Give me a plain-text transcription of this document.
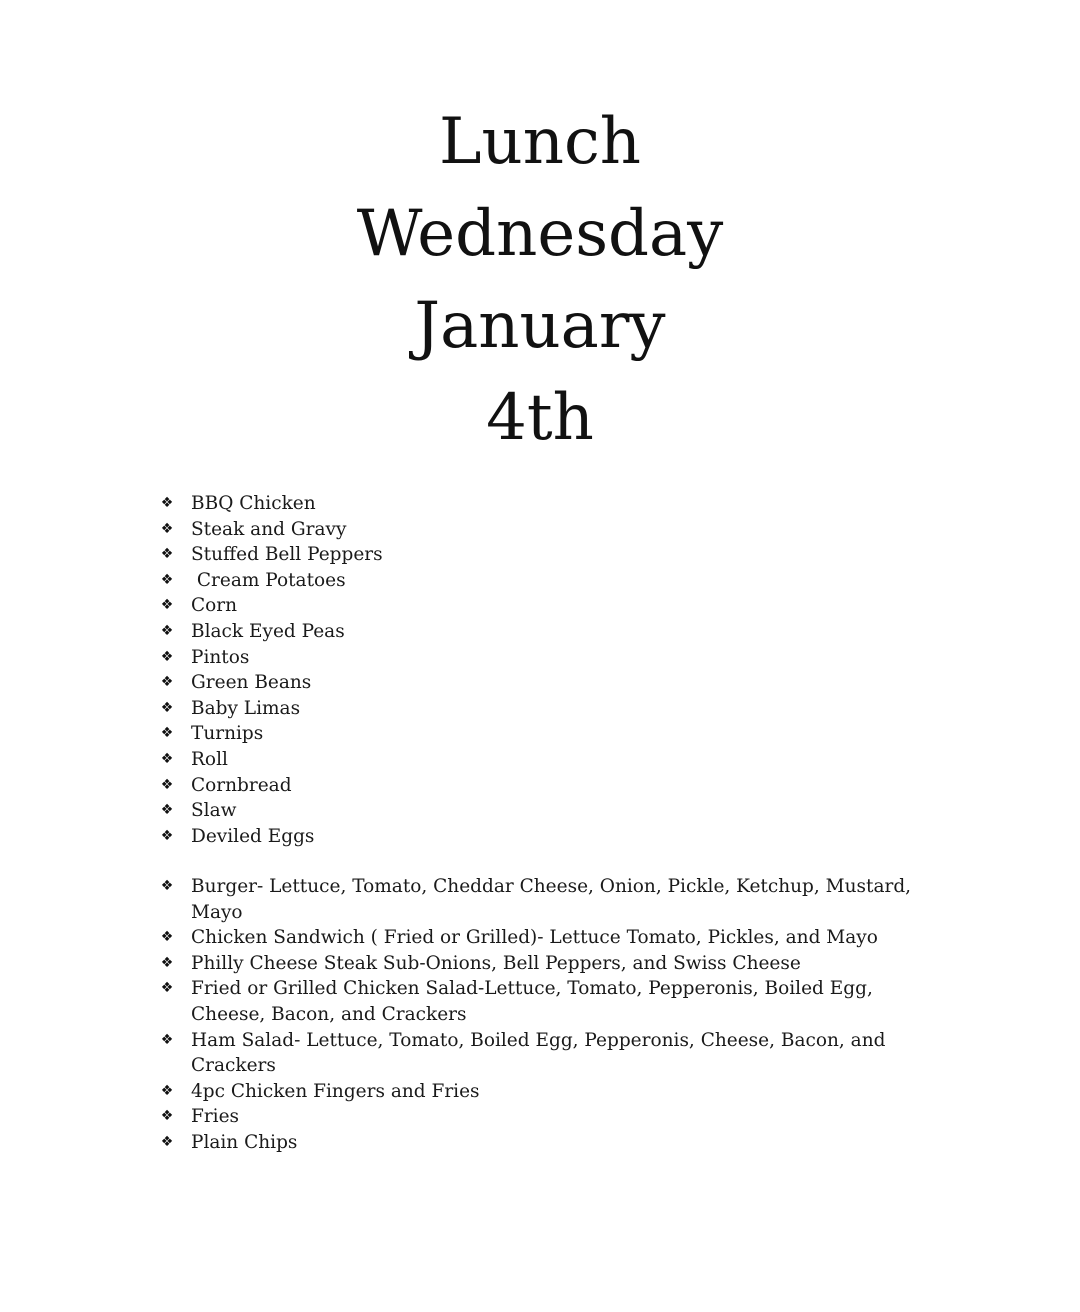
Lunch
Wednesday
January
4th
❖ BBQ Chicken
❖ Steak and Gravy
❖ Stuffed Bell Peppers
❖ Cream Potatoes
❖ Corn
❖ Black Eyed Peas
❖ Pintos
❖ Green Beans
❖ Baby Limas
❖ Turnips
❖ Roll
❖ Cornbread
❖ Slaw
❖ Deviled Eggs
❖ Burger- Lettuce, Tomato, Cheddar Cheese, Onion, Pickle, Ketchup, Mustard, Mayo
❖ Chicken Sandwich ( Fried or Grilled)- Lettuce Tomato, Pickles, and Mayo
❖ Philly Cheese Steak Sub-Onions, Bell Peppers, and Swiss Cheese
❖ Fried or Grilled Chicken Salad-Lettuce, Tomato, Pepperonis, Boiled Egg, Cheese, Bacon, and Crackers
❖ Ham Salad- Lettuce, Tomato, Boiled Egg, Pepperonis, Cheese, Bacon, and Crackers
❖ 4pc Chicken Fingers and Fries
❖ Fries
❖ Plain Chips
